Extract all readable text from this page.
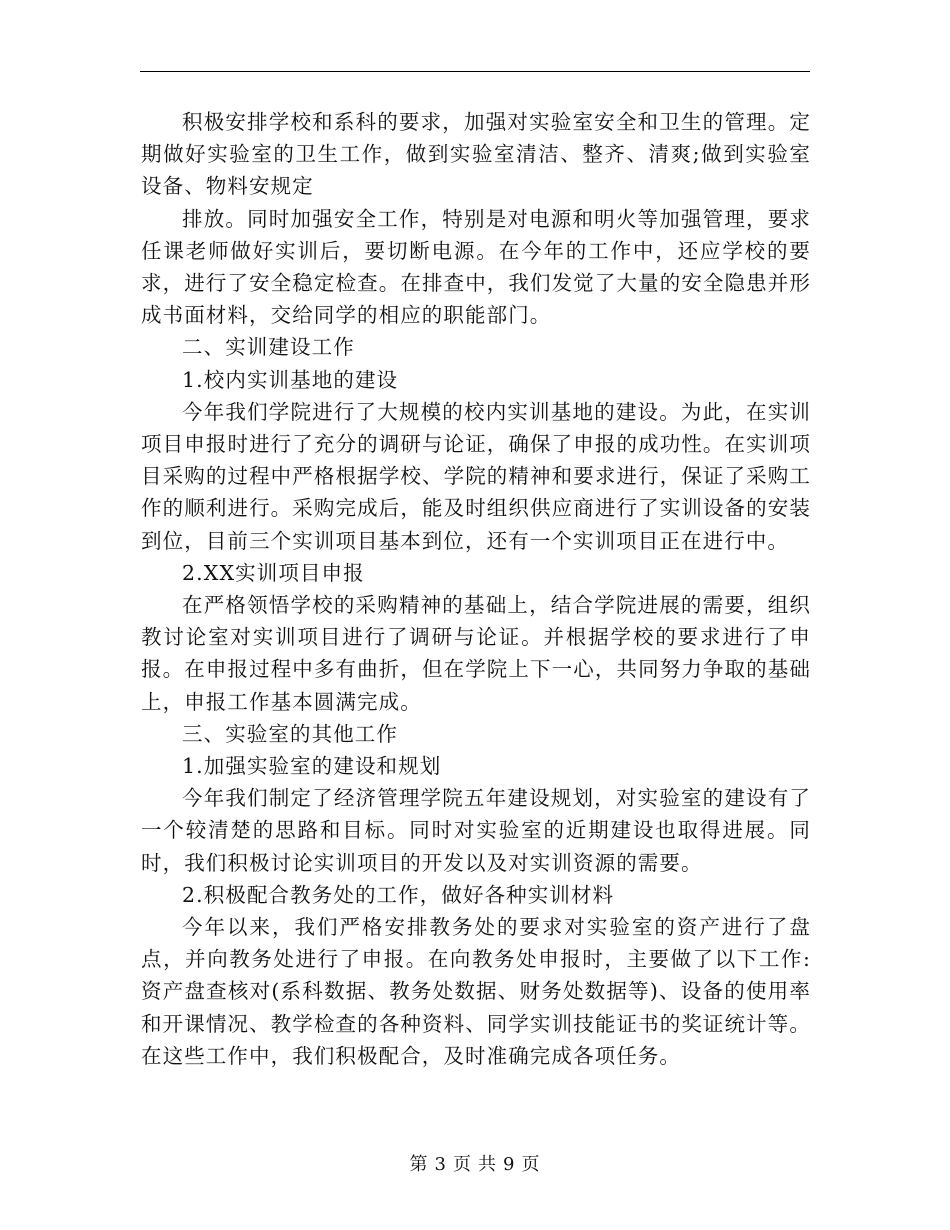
积极安排学校和系科的要求，加强对实验室安全和卫生的管理。定期做好实验室的卫生工作，做到实验室清洁、整齐、清爽;做到实验室设备、物料安规定

排放。同时加强安全工作，特别是对电源和明火等加强管理，要求任课老师做好实训后，要切断电源。在今年的工作中，还应学校的要求，进行了安全稳定检查。在排查中，我们发觉了大量的安全隐患并形成书面材料，交给同学的相应的职能部门。

二、实训建设工作

1.校内实训基地的建设

今年我们学院进行了大规模的校内实训基地的建设。为此，在实训项目申报时进行了充分的调研与论证，确保了申报的成功性。在实训项目采购的过程中严格根据学校、学院的精神和要求进行，保证了采购工作的顺利进行。采购完成后，能及时组织供应商进行了实训设备的安装到位，目前三个实训项目基本到位，还有一个实训项目正在进行中。

2.XX实训项目申报

在严格领悟学校的采购精神的基础上，结合学院进展的需要，组织教讨论室对实训项目进行了调研与论证。并根据学校的要求进行了申报。在申报过程中多有曲折，但在学院上下一心，共同努力争取的基础上，申报工作基本圆满完成。

三、实验室的其他工作

1.加强实验室的建设和规划

今年我们制定了经济管理学院五年建设规划，对实验室的建设有了一个较清楚的思路和目标。同时对实验室的近期建设也取得进展。同时，我们积极讨论实训项目的开发以及对实训资源的需要。

2.积极配合教务处的工作，做好各种实训材料

今年以来，我们严格安排教务处的要求对实验室的资产进行了盘点，并向教务处进行了申报。在向教务处申报时，主要做了以下工作:资产盘查核对(系科数据、教务处数据、财务处数据等)、设备的使用率和开课情况、教学检查的各种资料、同学实训技能证书的奖证统计等。在这些工作中，我们积极配合，及时准确完成各项任务。

第 3 页 共 9 页
